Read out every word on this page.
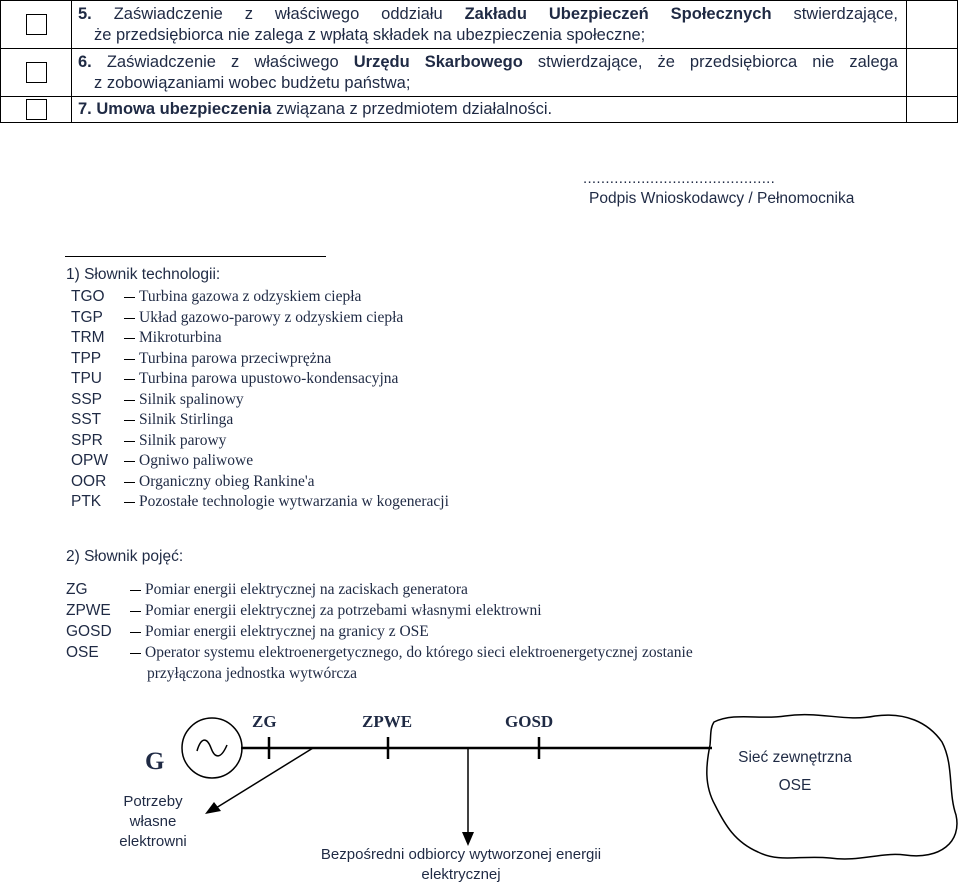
	5. Zaświadczenie z właściwego oddziału Zakładu Ubezpieczeń Społecznych stwierdzające,
że przedsiębiorca nie zalega z wpłatą składek na ubezpieczenia społeczne;	

	6. Zaświadczenie z właściwego Urzędu Skarbowego stwierdzające, że przedsiębiorca nie zalega
z zobowiązaniami wobec budżetu państwa;	

	7. Umowa ubezpieczenia związana z przedmiotem działalności.	
...........................................
Podpis Wnioskodawcy / Pełnomocnika
1) Słownik technologii:
TGO Turbina gazowa z odzyskiem ciepła
TGP Układ gazowo-parowy z odzyskiem ciepła
TRM Mikroturbina
TPP Turbina parowa przeciwprężna
TPU Turbina parowa upustowo-kondensacyjna
SSP Silnik spalinowy
SST Silnik Stirlinga
SPR Silnik parowy
OPW Ogniwo paliwowe
OOR Organiczny obieg Rankine'a
PTK Pozostałe technologie wytwarzania w kogeneracji
2) Słownik pojęć:
ZG	Pomiar energii elektrycznej na zaciskach generatora
ZPWE Pomiar energii elektrycznej za potrzebami własnymi elektrowni
GOSD Pomiar energii elektrycznej na granicy z OSE
OSE	Operator systemu elektroenergetycznego, do którego sieci elektroenergetycznej zostanie
przyłączona jednostka wytwórcza
ZG	ZPWE	GOSD
G
Potrzeby
własne
elektrowni
Sieć zewnętrzna
OSE
Bezpośredni odbiorcy wytworzonej energii
elektrycznej
